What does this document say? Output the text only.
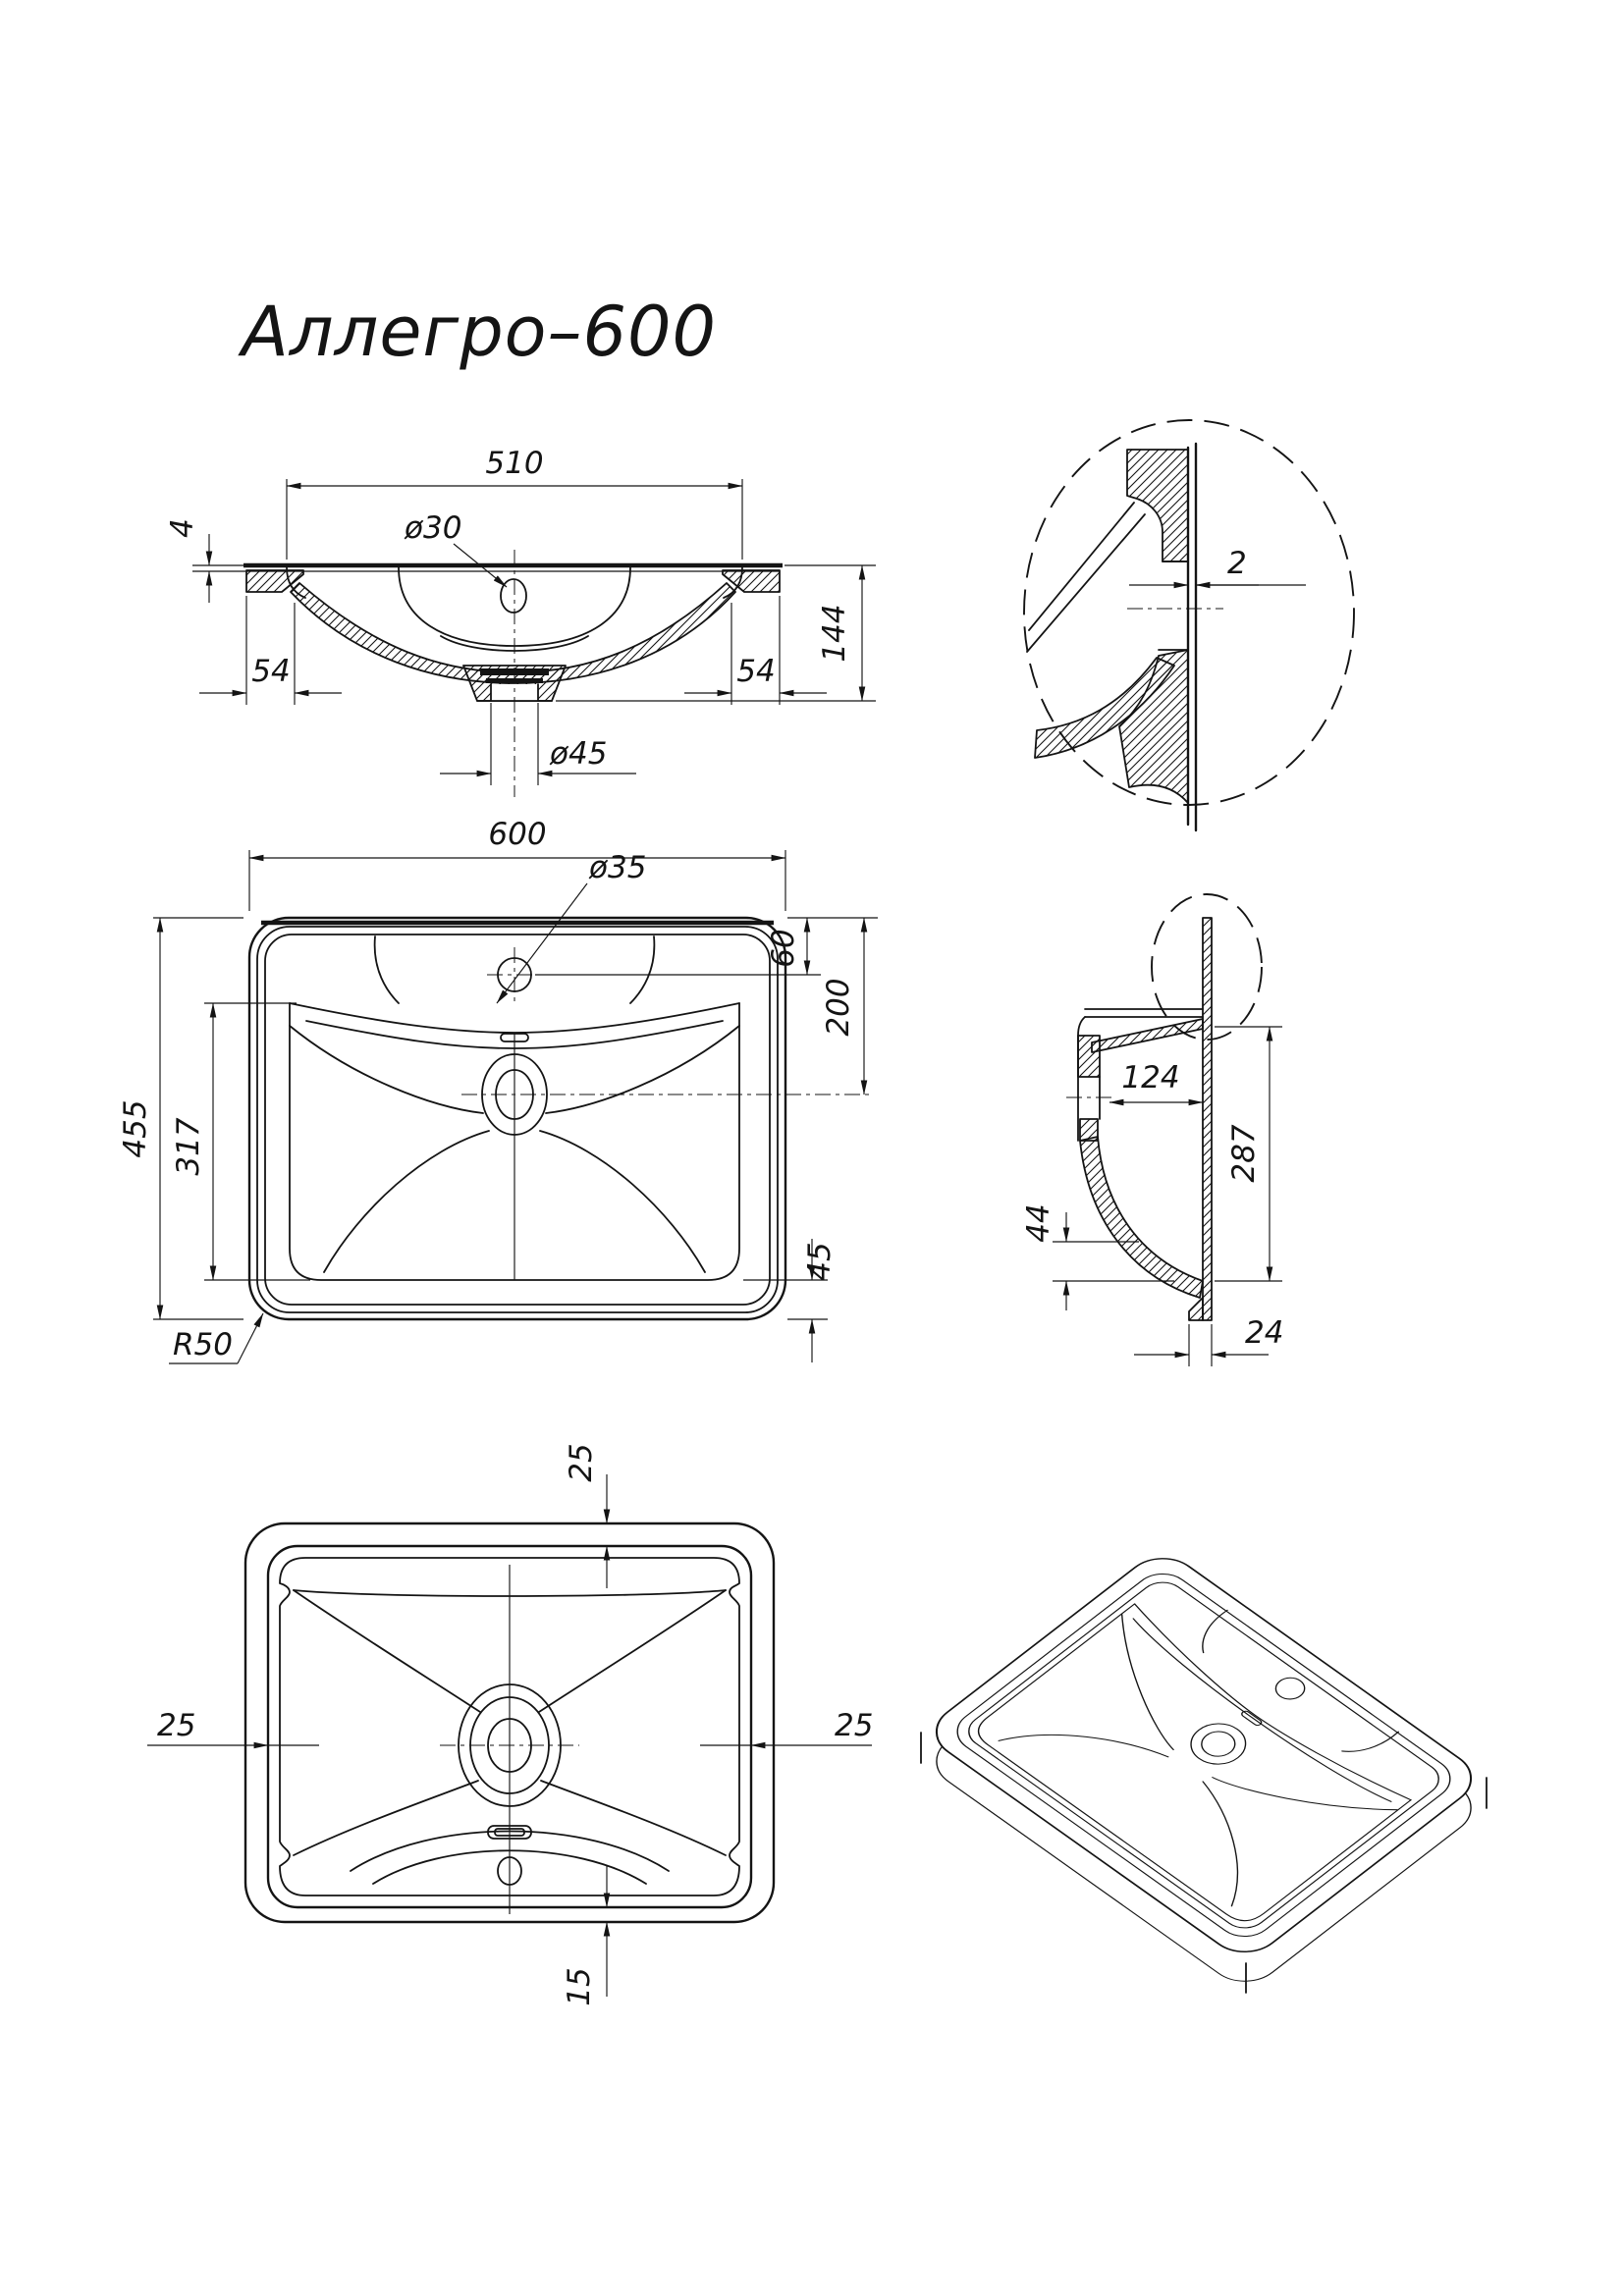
Аллегро–600
510
ø30
4
54	54
144
ø45
2
600
ø35
455 317
60
200
45
R50
124
287
44
24
25
25	25
15
